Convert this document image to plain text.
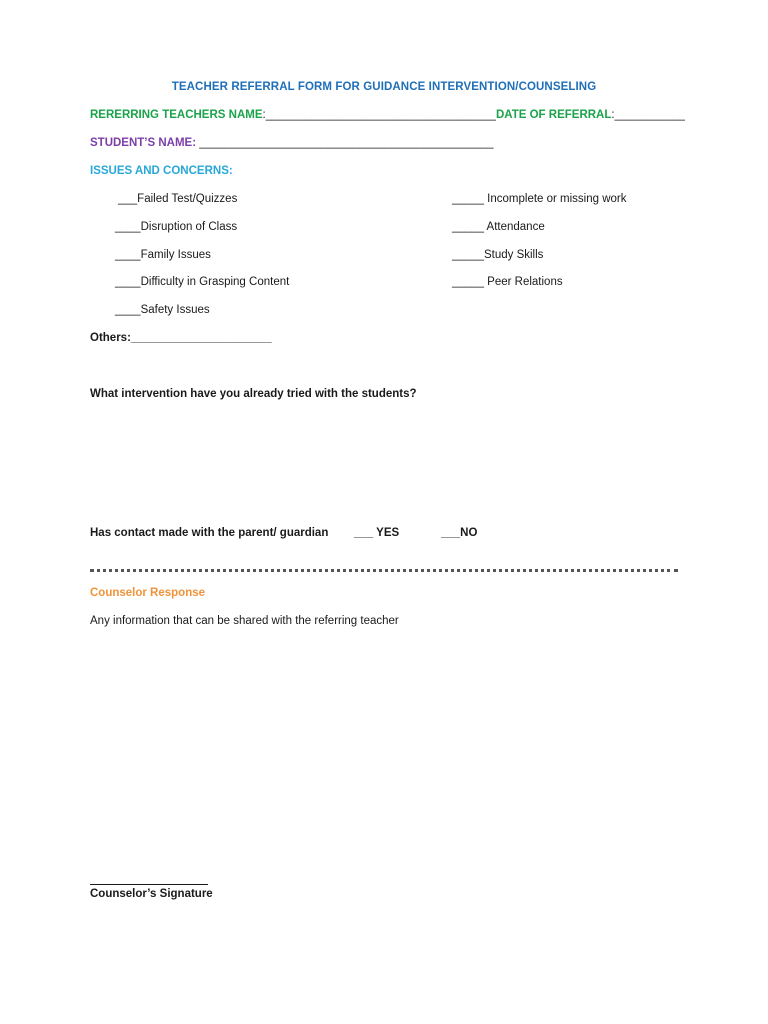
TEACHER REFERRAL FORM FOR GUIDANCE INTERVENTION/COUNSELING
RERERRING TEACHERS NAME:____________________________________DATE OF REFERRAL:___________
STUDENT’S NAME: ______________________________________________
ISSUES AND CONCERNS:
___Failed Test/Quizzes
____Disruption of Class
____Family Issues
____Difficulty in Grasping Content
____Safety Issues
_____ Incomplete or missing work
_____ Attendance
_____Study Skills
_____ Peer Relations
Others:______________________
What intervention have you already tried with the students?
Has contact made with the parent/ guardian ___ YES	___NO
Counselor Response
Any information that can be shared with the referring teacher
Counselor’s Signature
